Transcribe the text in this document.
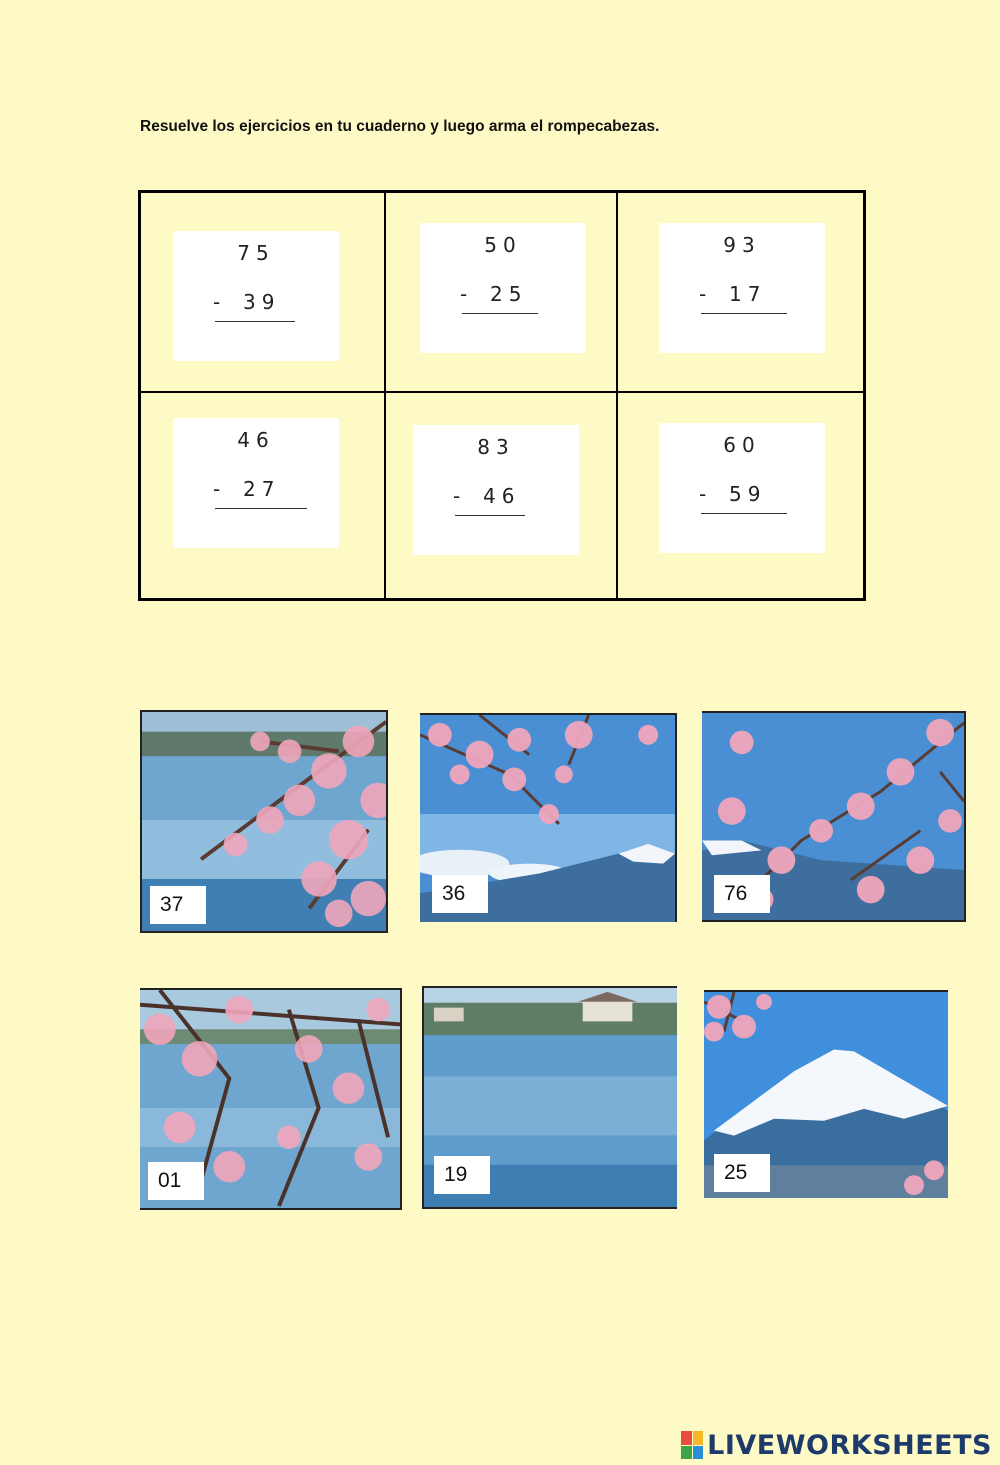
Resuelve los ejercicios en tu cuaderno y luego arma el rompecabezas.
75
- 39
50
- 25
93
- 17
46
- 27
83
- 46
60
- 59
37	36	76
01	19	25
LIVEWORKSHEETS
